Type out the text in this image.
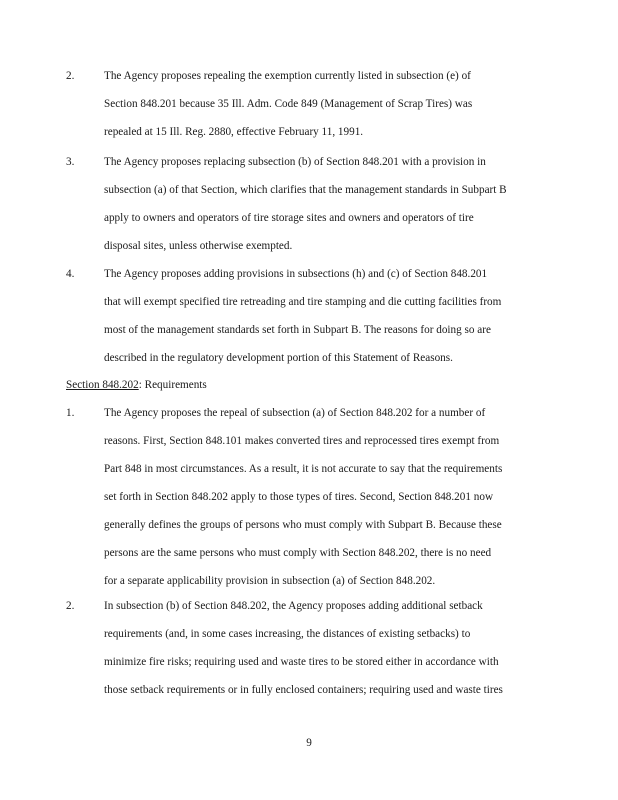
2.	The Agency proposes repealing the exemption currently listed in subsection (e) of
Section 848.201 because 35 Ill. Adm. Code 849 (Management of Scrap Tires) was
repealed at 15 Ill. Reg. 2880, effective February 11, 1991.
3.	The Agency proposes replacing subsection (b) of Section 848.201 with a provision in
subsection (a) of that Section, which clarifies that the management standards in Subpart B
apply to owners and operators of tire storage sites and owners and operators of tire
disposal sites, unless otherwise exempted.
4.	The Agency proposes adding provisions in subsections (h) and (c) of Section 848.201
that will exempt specified tire retreading and tire stamping and die cutting facilities from
most of the management standards set forth in Subpart B. The reasons for doing so are
described in the regulatory development portion of this Statement of Reasons.
Section 848.202: Requirements
1.	The Agency proposes the repeal of subsection (a) of Section 848.202 for a number of
reasons. First, Section 848.101 makes converted tires and reprocessed tires exempt from
Part 848 in most circumstances. As a result, it is not accurate to say that the requirements
set forth in Section 848.202 apply to those types of tires. Second, Section 848.201 now
generally defines the groups of persons who must comply with Subpart B. Because these
persons are the same persons who must comply with Section 848.202, there is no need
for a separate applicability provision in subsection (a) of Section 848.202.
2.	In subsection (b) of Section 848.202, the Agency proposes adding additional setback
requirements (and, in some cases increasing, the distances of existing setbacks) to
minimize fire risks; requiring used and waste tires to be stored either in accordance with
those setback requirements or in fully enclosed containers; requiring used and waste tires
9
